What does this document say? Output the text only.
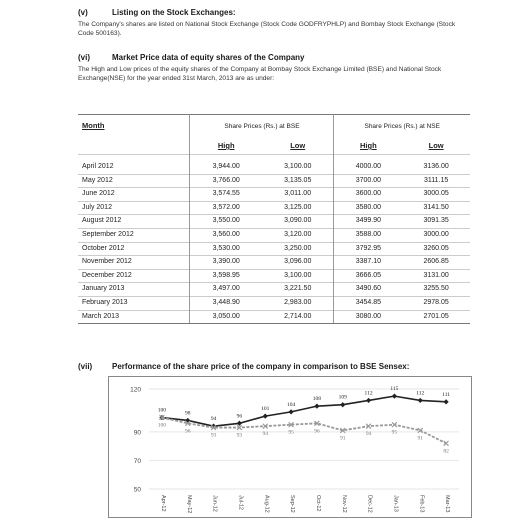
(v)	Listing on the Stock Exchanges:

The Company's shares are listed on National Stock Exchange (Stock Code GODFRYPHLP) and Bombay Stock Exchange (Stock Code 500163).

(vi)	Market Price data of equity shares of the Company

The High and Low prices of the equity shares of the Company at Bombay Stock Exchange Limited (BSE) and National Stock Exchange(NSE) for the year ended 31st March, 2013 are as under:

Month	Share Prices (Rs.) at BSE		Share Prices (Rs.) at NSE	
	High	Low	High	Low
April 2012	3,944.00	3,100.00	4000.00	3136.00
May 2012	3,766.00	3,135.05	3700.00	3111.15
June 2012	3,574.55	3,011.00	3600.00	3000.05
July 2012	3,572.00	3,125.00	3580.00	3141.50
August 2012	3,550.00	3,090.00	3499.90	3091.35
September 2012	3,560.00	3,120.00	3588.00	3000.00
October 2012	3,530.00	3,250.00	3792.95	3260.05
November 2012	3,390.00	3,096.00	3387.10	2606.85
December 2012	3,598.95	3,100.00	3666.05	3131.00
January 2013	3,497.00	3,221.50	3490.60	3255.50
February 2013	3,448.90	2,983.00	3454.85	2978.05
March 2013	3,050.00	2,714.00	3080.00	2701.05
(vii)	Performance of the share price of the company in comparison to BSE Sensex:
120
90
70
50
Apr-12	May-12	Jun-12	Jul-12	Aug-12	Sep-12	Oct-12	Nov-12	Dec-12	Jan-13	Feb-13	Mar-13
100	98
94	96
101
104
108	109
112
115
112	111
100
96
93	93	94	95	96
91
94	95
91
82
